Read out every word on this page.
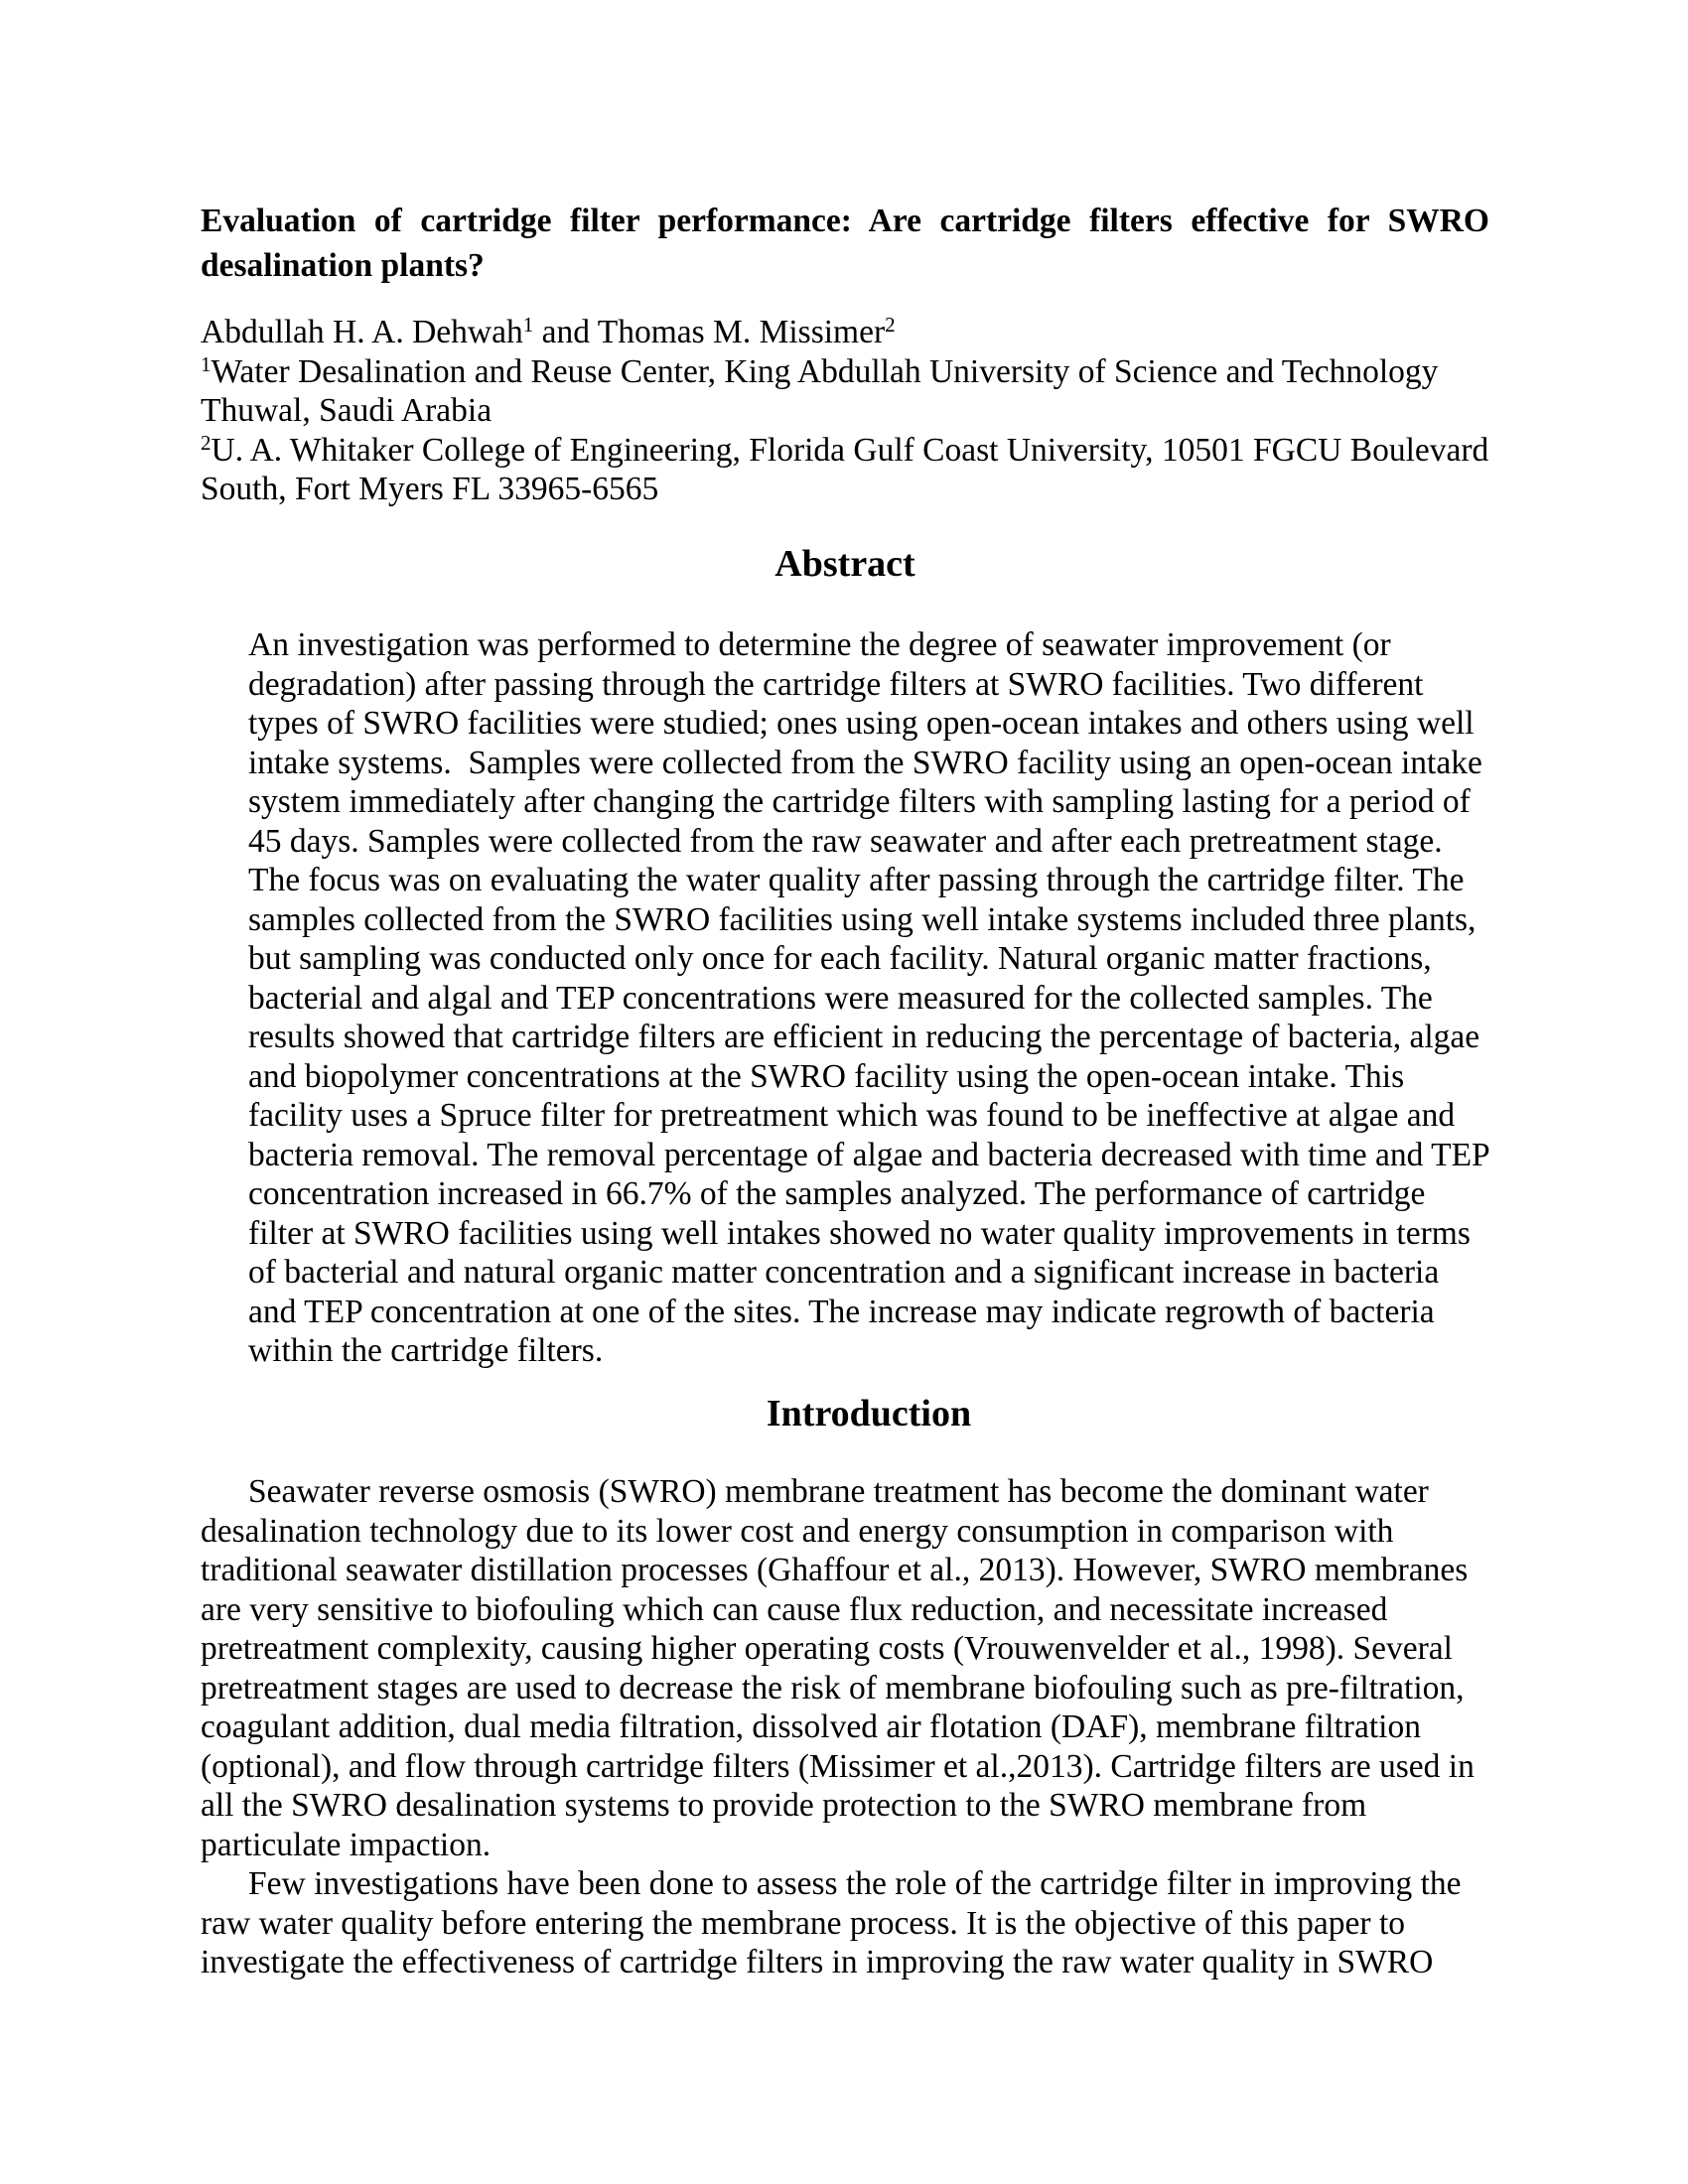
Evaluation of cartridge filter performance: Are cartridge filters effective for SWRO desalination plants?

Abdullah H. A. Dehwah$^1$ and Thomas M. Missimer$^2$

$^1$Water Desalination and Reuse Center, King Abdullah University of Science and Technology Thuwal, Saudi Arabia

$^2$U. A. Whitaker College of Engineering, Florida Gulf Coast University, 10501 FGCU Boulevard South, Fort Myers FL 33965-6565

Abstract

An investigation was performed to determine the degree of seawater improvement (or degradation) after passing through the cartridge filters at SWRO facilities. Two different types of SWRO facilities were studied; ones using open-ocean intakes and others using well intake systems.  Samples were collected from the SWRO facility using an open-ocean intake system immediately after changing the cartridge filters with sampling lasting for a period of 45 days. Samples were collected from the raw seawater and after each pretreatment stage. The focus was on evaluating the water quality after passing through the cartridge filter. The samples collected from the SWRO facilities using well intake systems included three plants, but sampling was conducted only once for each facility. Natural organic matter fractions, bacterial and algal and TEP concentrations were measured for the collected samples. The results showed that cartridge filters are efficient in reducing the percentage of bacteria, algae and biopolymer concentrations at the SWRO facility using the open-ocean intake. This facility uses a Spruce filter for pretreatment which was found to be ineffective at algae and bacteria removal. The removal percentage of algae and bacteria decreased with time and TEP concentration increased in 66.7% of the samples analyzed. The performance of cartridge filter at SWRO facilities using well intakes showed no water quality improvements in terms of bacterial and natural organic matter concentration and a significant increase in bacteria and TEP concentration at one of the sites. The increase may indicate regrowth of bacteria within the cartridge filters.

Introduction

Seawater reverse osmosis (SWRO) membrane treatment has become the dominant water desalination technology due to its lower cost and energy consumption in comparison with traditional seawater distillation processes (Ghaffour et al., 2013). However, SWRO membranes are very sensitive to biofouling which can cause flux reduction, and necessitate increased pretreatment complexity, causing higher operating costs (Vrouwenvelder et al., 1998). Several pretreatment stages are used to decrease the risk of membrane biofouling such as pre-filtration, coagulant addition, dual media filtration, dissolved air flotation (DAF), membrane filtration (optional), and flow through cartridge filters (Missimer et al.,2013). Cartridge filters are used in all the SWRO desalination systems to provide protection to the SWRO membrane from particulate impaction.

Few investigations have been done to assess the role of the cartridge filter in improving the raw water quality before entering the membrane process. It is the objective of this paper to investigate the effectiveness of cartridge filters in improving the raw water quality in SWRO
